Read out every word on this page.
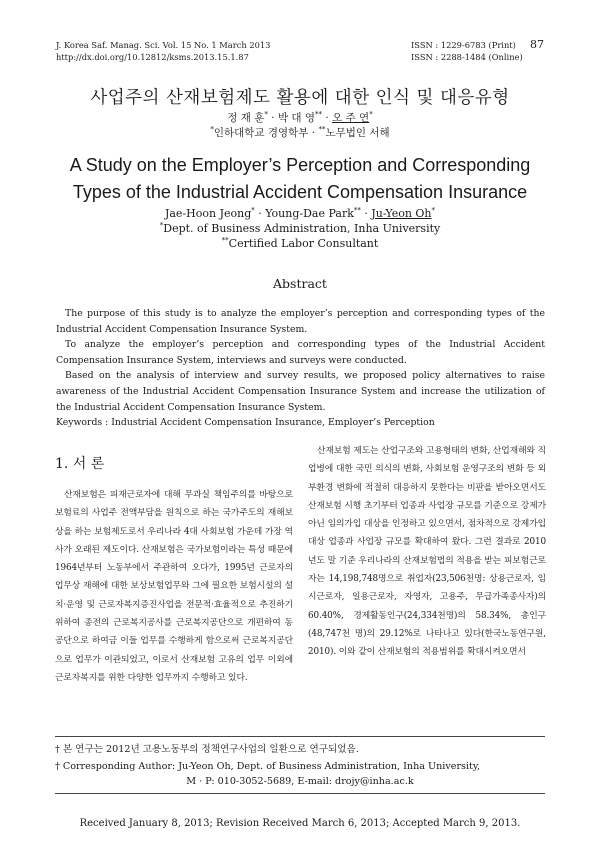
J. Korea Saf. Manag. Sci. Vol. 15 No. 1 March 2013
http://dx.doi.org/10.12812/ksms.2013.15.1.87
ISSN : 1229-6783 (Print)
ISSN : 2288-1484 (Online)
87
사업주의 산재보험제도 활용에 대한 인식 및 대응유형
정 재 훈* · 박 대 영** · 오 주 연*
*인하대학교 경영학부 · **노무법인 서해
A Study on the Employer’s Perception and Corresponding
Types of the Industrial Accident Compensation Insurance
Jae-Hoon Jeong* · Young-Dae Park** · Ju-Yeon Oh*
*Dept. of Business Administration, Inha University
**Certified Labor Consultant
Abstract

The purpose of this study is to analyze the employer’s perception and corresponding types of the Industrial Accident Compensation Insurance System.

To analyze the employer’s perception and corresponding types of the Industrial Accident Compensation Insurance System, interviews and surveys were conducted.

Based on the analysis of interview and survey results, we proposed policy alternatives to raise awareness of the Industrial Accident Compensation Insurance System and increase the utilization of the Industrial Accident Compensation Insurance System.

Keywords : Industrial Accident Compensation Insurance, Employer’s Perception

1. 서 론

산재보험은 피재근로자에 대해 무과실 책임주의를 바탕으로 보험료의 사업주 전액부담을 원칙으로 하는 국가주도의 재해보상을 하는 보험제도로서 우리나라 4대 사회보험 가운데 가장 역사가 오래된 제도이다. 산재보험은 국가보험이라는 특성 때문에 1964년부터 노동부에서 주관하여 오다가, 1995년 근로자의 업무상 재해에 대한 보상보험업무와 그에 필요한 보험시설의 설치·운영 및 근로자복지증진사업을 전문적·효율적으로 추진하기 위하여 종전의 근로복지공사를 근로복지공단으로 개편하여 동 공단으로 하여금 이들 업무를 수행하게 함으로써 근로복지공단으로 업무가 이관되었고, 이로서 산재보험 고유의 업무 이외에 근로자복지를 위한 다양한 업무까지 수행하고 있다.

산재보험 제도는 산업구조와 고용형태의 변화, 산업재해와 직업병에 대한 국민 의식의 변화, 사회보험 운영구조의 변화 등 외부환경 변화에 적절히 대응하지 못한다는 비판을 받아오면서도 산재보험 시행 초기부터 업종과 사업장 규모를 기준으로 강제가 아닌 임의가입 대상을 인정하고 있으면서, 점차적으로 강제가입대상 업종과 사업장 규모를 확대하여 왔다. 그런 결과로 2010년도 말 기준 우리나라의 산재보험법의 적용을 받는 피보험근로자는 14,198,748명으로 취업자(23,506천명: 상용근로자, 임시근로자, 일용근로자, 자영자, 고용주, 무급가족종사자)의 60.40%, 경제활동인구(24,334천명)의 58.34%, 총인구(48,747천 명)의 29.12%로 나타나고 있다(한국노동연구원, 2010). 이와 같이 산재보험의 적용범위를 확대시켜오면서

† 본 연구는 2012년 고용노동부의 정책연구사업의 일환으로 연구되었음.
† Corresponding Author: Ju-Yeon Oh, Dept. of Business Administration, Inha University,
M · P: 010-3052-5689, E-mail: drojy@inha.ac.k
Received January 8, 2013; Revision Received March 6, 2013; Accepted March 9, 2013.
